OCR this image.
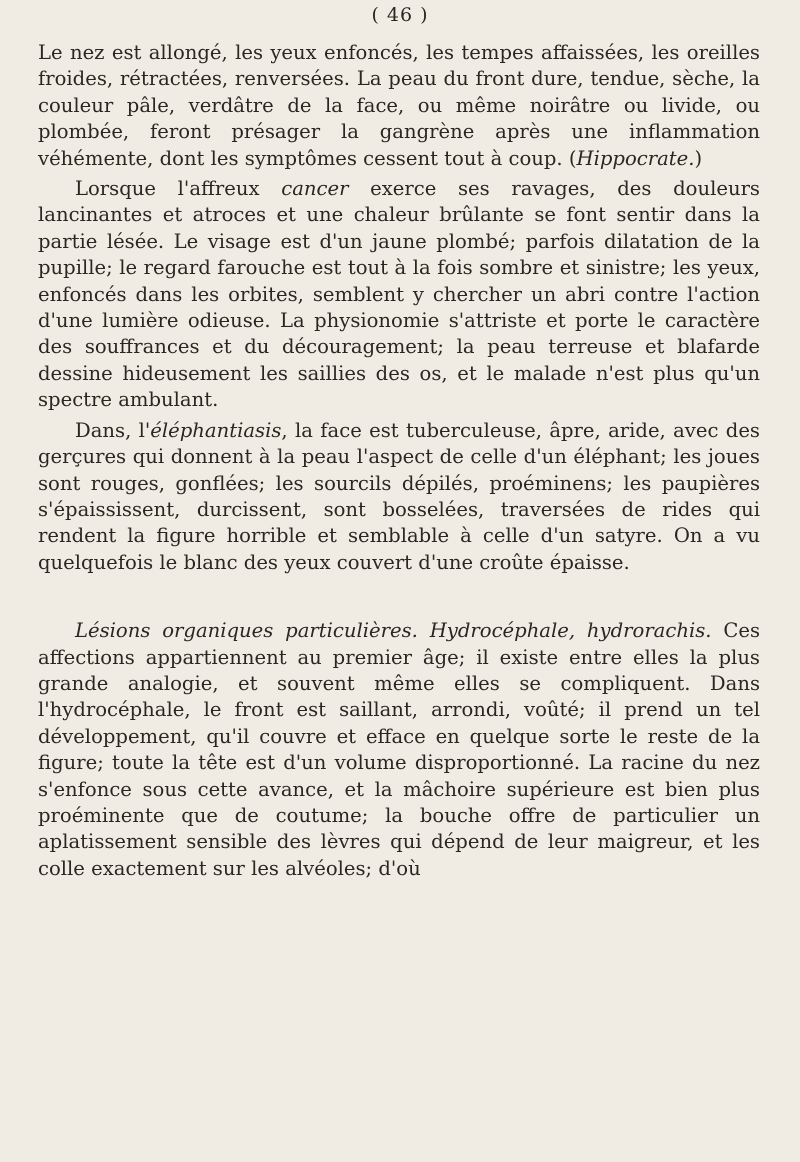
( 46 )

Le nez est allongé, les yeux enfoncés, les tempes affaissées, les oreilles froides, rétractées, renversées. La peau du front dure, tendue, sèche, la couleur pâle, verdâtre de la face, ou même noirâtre ou livide, ou plombée, feront présager la gangrène après une inflammation véhémente, dont les symptômes cessent tout à coup. (Hippocrate.)

Lorsque l'affreux cancer exerce ses ravages, des douleurs lancinantes et atroces et une chaleur brûlante se font sentir dans la partie lésée. Le visage est d'un jaune plombé; parfois dilatation de la pupille; le regard farouche est tout à la fois sombre et sinistre; les yeux, enfoncés dans les orbites, semblent y chercher un abri contre l'action d'une lumière odieuse. La physionomie s'attriste et porte le caractère des souffrances et du découragement; la peau terreuse et blafarde dessine hideusement les saillies des os, et le malade n'est plus qu'un spectre ambulant.

Dans, l'éléphantiasis, la face est tuberculeuse, âpre, aride, avec des gerçures qui donnent à la peau l'aspect de celle d'un éléphant; les joues sont rouges, gonflées; les sourcils dépilés, proéminens; les paupières s'épaississent, durcissent, sont bosselées, traversées de rides qui rendent la figure horrible et semblable à celle d'un satyre. On a vu quelquefois le blanc des yeux couvert d'une croûte épaisse.

Lésions organiques particulières. Hydrocéphale, hydrorachis. Ces affections appartiennent au premier âge; il existe entre elles la plus grande analogie, et souvent même elles se compliquent. Dans l'hydrocéphale, le front est saillant, arrondi, voûté; il prend un tel développement, qu'il couvre et efface en quelque sorte le reste de la figure; toute la tête est d'un volume disproportionné. La racine du nez s'enfonce sous cette avance, et la mâchoire supérieure est bien plus proéminente que de coutume; la bouche offre de particulier un aplatissement sensible des lèvres qui dépend de leur maigreur, et les colle exactement sur les alvéoles; d'où
